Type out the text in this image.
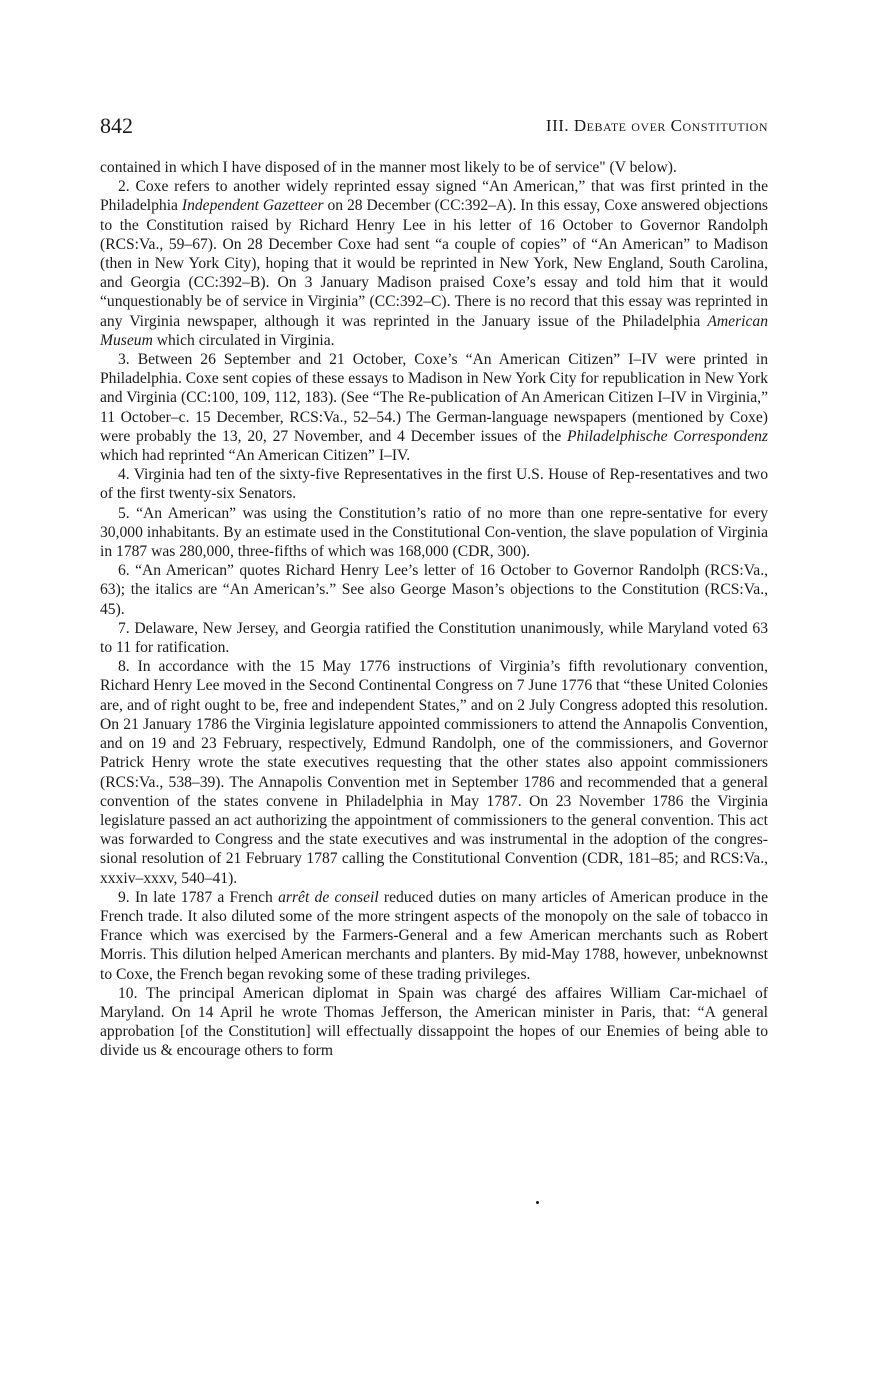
842	III. Debate over Constitution

contained in which I have disposed of in the manner most likely to be of service" (V below).

2. Coxe refers to another widely reprinted essay signed “An American,” that was first printed in the Philadelphia Independent Gazetteer on 28 December (CC:392–A). In this essay, Coxe answered objections to the Constitution raised by Richard Henry Lee in his letter of 16 October to Governor Randolph (RCS:Va., 59–67). On 28 December Coxe had sent “a couple of copies” of “An American” to Madison (then in New York City), hoping that it would be reprinted in New York, New England, South Carolina, and Georgia (CC:392–B). On 3 January Madison praised Coxe’s essay and told him that it would “unquestionably be of service in Virginia” (CC:392–C). There is no record that this essay was reprinted in any Virginia newspaper, although it was reprinted in the January issue of the Philadelphia American Museum which circulated in Virginia.

3. Between 26 September and 21 October, Coxe’s “An American Citizen” I–IV were printed in Philadelphia. Coxe sent copies of these essays to Madison in New York City for republication in New York and Virginia (CC:100, 109, 112, 183). (See “The Re-publication of An American Citizen I–IV in Virginia,” 11 October–c. 15 December, RCS:Va., 52–54.) The German-language newspapers (mentioned by Coxe) were probably the 13, 20, 27 November, and 4 December issues of the Philadelphische Correspondenz which had reprinted “An American Citizen” I–IV.

4. Virginia had ten of the sixty-five Representatives in the first U.S. House of Rep-resentatives and two of the first twenty-six Senators.

5. “An American” was using the Constitution’s ratio of no more than one repre-sentative for every 30,000 inhabitants. By an estimate used in the Constitutional Con-vention, the slave population of Virginia in 1787 was 280,000, three-fifths of which was 168,000 (CDR, 300).

6. “An American” quotes Richard Henry Lee’s letter of 16 October to Governor Randolph (RCS:Va., 63); the italics are “An American’s.” See also George Mason’s objections to the Constitution (RCS:Va., 45).

7. Delaware, New Jersey, and Georgia ratified the Constitution unanimously, while Maryland voted 63 to 11 for ratification.

8. In accordance with the 15 May 1776 instructions of Virginia’s fifth revolutionary convention, Richard Henry Lee moved in the Second Continental Congress on 7 June 1776 that “these United Colonies are, and of right ought to be, free and independent States,” and on 2 July Congress adopted this resolution. On 21 January 1786 the Virginia legislature appointed commissioners to attend the Annapolis Convention, and on 19 and 23 February, respectively, Edmund Randolph, one of the commissioners, and Governor Patrick Henry wrote the state executives requesting that the other states also appoint commissioners (RCS:Va., 538–39). The Annapolis Convention met in September 1786 and recommended that a general convention of the states convene in Philadelphia in May 1787. On 23 November 1786 the Virginia legislature passed an act authorizing the appointment of commissioners to the general convention. This act was forwarded to Congress and the state executives and was instrumental in the adoption of the congres-sional resolution of 21 February 1787 calling the Constitutional Convention (CDR, 181–85; and RCS:Va., xxxiv–xxxv, 540–41).

9. In late 1787 a French arrêt de conseil reduced duties on many articles of American produce in the French trade. It also diluted some of the more stringent aspects of the monopoly on the sale of tobacco in France which was exercised by the Farmers-General and a few American merchants such as Robert Morris. This dilution helped American merchants and planters. By mid-May 1788, however, unbeknownst to Coxe, the French began revoking some of these trading privileges.

10. The principal American diplomat in Spain was chargé des affaires William Car-michael of Maryland. On 14 April he wrote Thomas Jefferson, the American minister in Paris, that: “A general approbation [of the Constitution] will effectually dissappoint the hopes of our Enemies of being able to divide us & encourage others to form
